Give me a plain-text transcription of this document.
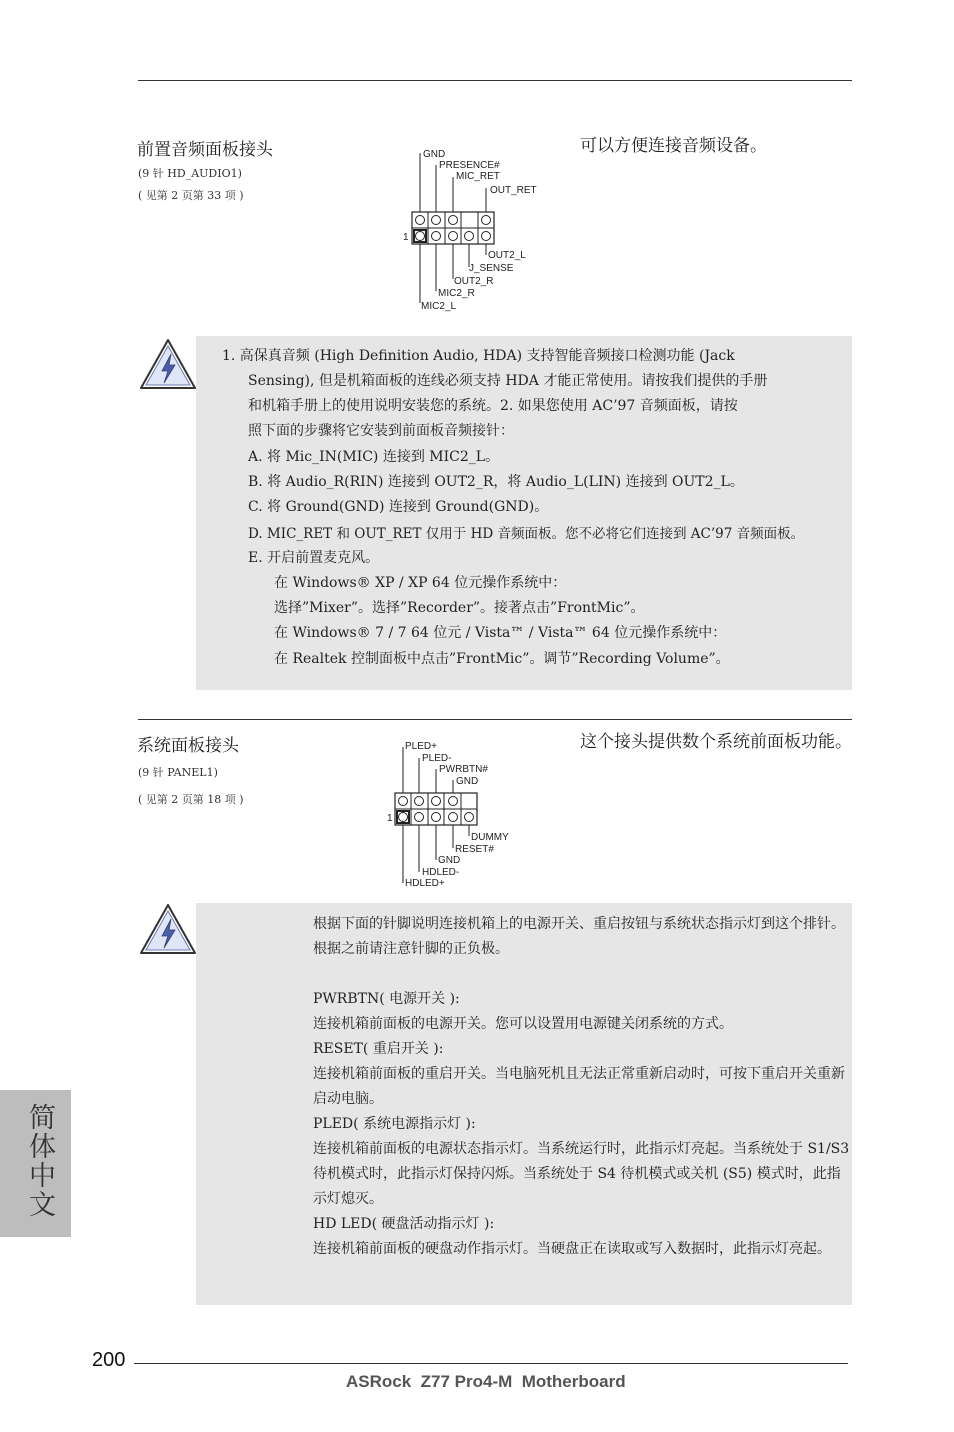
前置音频面板接头
(9 针 HD_AUDIO1)
( 见第 2 页第 33 项 )
可以方便连接音频设备。
GND
PRESENCE#
MIC_RET
OUT_RET
1
OUT2_L
J_SENSE
OUT2_R
MIC2_R
MIC2_L
1. 高保真音频 (High Definition Audio, HDA) 支持智能音频接口检测功能 (Jack
Sensing), 但是机箱面板的连线必须支持 HDA 才能正常使用。请按我们提供的手册
和机箱手册上的使用说明安装您的系统。2. 如果您使用 AC’97 音频面板，请按
照下面的步骤将它安装到前面板音频接针：
A. 将 Mic_IN(MIC) 连接到 MIC2_L。
B. 将 Audio_R(RIN) 连接到 OUT2_R，将 Audio_L(LIN) 连接到 OUT2_L。
C. 将 Ground(GND) 连接到 Ground(GND)。
D. MIC_RET 和 OUT_RET 仅用于 HD 音频面板。您不必将它们连接到 AC’97 音频面板。
E. 开启前置麦克风。
在 Windows® XP / XP 64 位元操作系统中：
选择”Mixer”。选择”Recorder”。接著点击”FrontMic”。
在 Windows® 7 / 7 64 位元 / Vista™ / Vista™ 64 位元操作系统中：
在 Realtek 控制面板中点击”FrontMic”。调节”Recording Volume”。
系统面板接头
(9 针 PANEL1)
( 见第 2 页第 18 项 )
这个接头提供数个系统前面板功能。
PLED+
PLED-
PWRBTN#
GND
1
DUMMY
RESET#
GND
HDLED-
HDLED+
根据下面的针脚说明连接机箱上的电源开关、重启按钮与系统状态指示灯到这个排针。根据之前请注意针脚的正负极。
PWRBTN( 电源开关 ):
连接机箱前面板的电源开关。您可以设置用电源键关闭系统的方式。
RESET( 重启开关 ):
连接机箱前面板的重启开关。当电脑死机且无法正常重新启动时，可按下重启开关重新启动电脑。
PLED( 系统电源指示灯 ):
连接机箱前面板的电源状态指示灯。当系统运行时，此指示灯亮起。当系统处于 S1/S3 待机模式时，此指示灯保持闪烁。当系统处于 S4 待机模式或关机 (S5) 模式时，此指示灯熄灭。
HD LED( 硬盘活动指示灯 ):
连接机箱前面板的硬盘动作指示灯。当硬盘正在读取或写入数据时，此指示灯亮起。
简体中文
200
ASRock  Z77 Pro4-M  Motherboard
